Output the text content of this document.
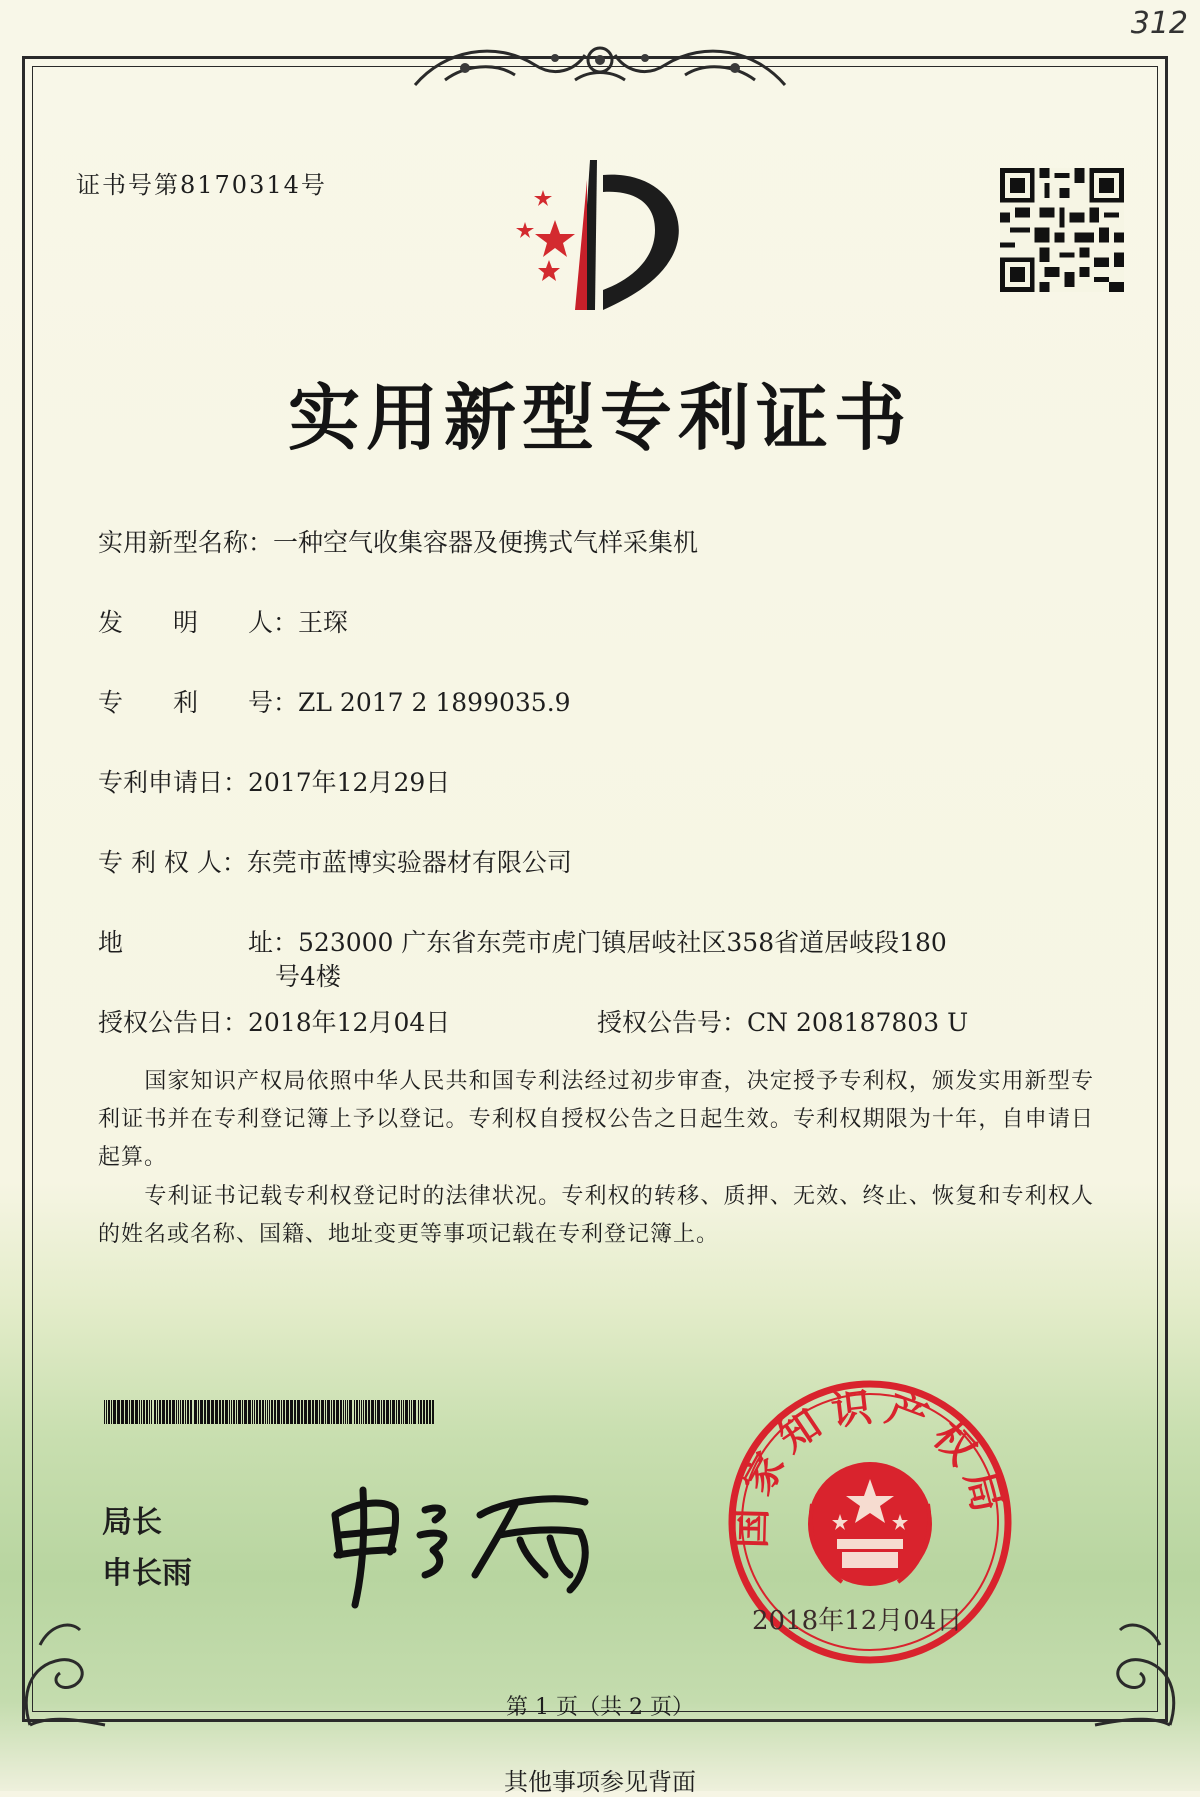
312
证书号第8170314号
实用新型专利证书
实用新型名称：一种空气收集容器及便携式气样采集机
发　　明　　人：王琛
专　　利　　号：ZL 2017 2 1899035.9
专利申请日：2017年12月29日
专 利 权 人：东莞市蓝博实验器材有限公司
地　　　　　址：523000 广东省东莞市虎门镇居岐社区358省道居岐段180
号4楼
授权公告日：2018年12月04日	授权公告号：CN 208187803 U
　　国家知识产权局依照中华人民共和国专利法经过初步审查，决定授予专利权，颁发实用新型专利证书并在专利登记簿上予以登记。专利权自授权公告之日起生效。专利权期限为十年，自申请日起算。
　　专利证书记载专利权登记时的法律状况。专利权的转移、质押、无效、终止、恢复和专利权人的姓名或名称、国籍、地址变更等事项记载在专利登记簿上。
局长
申长雨
国家知识产权局
2018年12月04日
第 1 页（共 2 页）
其他事项参见背面
